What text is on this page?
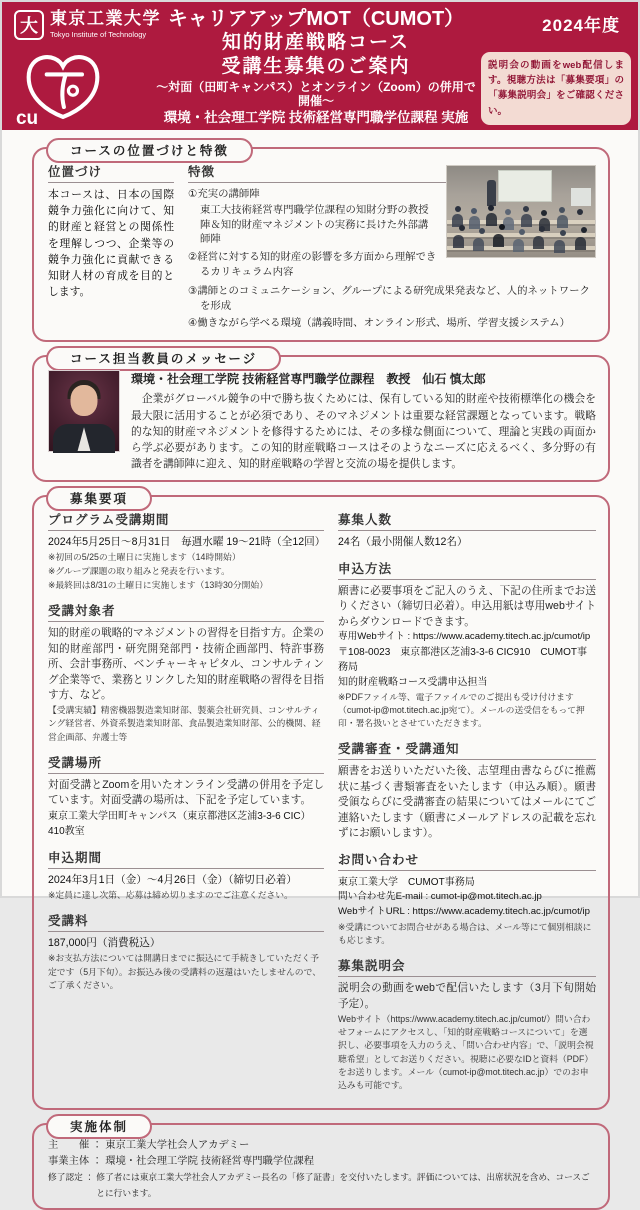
大 東京工業大学
Tokyo Institute of Technology
cu
キャリアアップMOT（CUMOT）
知的財産戦略コース
受講生募集のご案内
～対面（田町キャンパス）とオンライン（Zoom）の併用で開催～
環境・社会理工学院 技術経営専門職学位課程 実施
2024年度
説明会の動画をweb配信します。視聴方法は「募集要項」の「募集説明会」をご確認ください。
コースの位置づけと特徴
位置づけ

本コースは、日本の国際競争力強化に向けて、知的財産と経営との関係性を理解しつつ、企業等の競争力強化に貢献できる知財人材の育成を目的とします。

特徴
①充実の講師陣
東工大技術経営専門職学位課程の知財分野の教授陣＆知的財産マネジメントの実務に長けた外部講師陣
②経営に対する知的財産の影響を多方面から理解できるカリキュラム内容
③講師とのコミュニケーション、グループによる研究成果発表など、人的ネットワークを形成
④働きながら学べる環境（講義時間、オンライン形式、場所、学習支援システム）
コース担当教員のメッセージ
環境・社会理工学院 技術経営専門職学位課程　教授　仙石 慎太郎

　企業がグローバル競争の中で勝ち抜くためには、保有している知的財産や技術標準化の機会を最大限に活用することが必須であり、そのマネジメントは重要な経営課題となっています。戦略的な知的財産マネジメントを修得するためには、その多様な側面について、理論と実践の両面から学ぶ必要があります。この知的財産戦略コースはそのようなニーズに応えるべく、多分野の有識者を講師陣に迎え、知的財産戦略の学習と交流の場を提供します。

募集要項
プログラム受講期間
2024年5月25日～8月31日　毎週水曜 19～21時（全12回）
※初回の5/25の土曜日に実施します（14時開始）
※グループ課題の取り組みと発表を行います。
※最終回は8/31の土曜日に実施します（13時30分開始）
受講対象者
知的財産の戦略的マネジメントの習得を目指す方。企業の知的財産部門・研究開発部門・技術企画部門、特許事務所、会計事務所、ベンチャーキャピタル、コンサルティング企業等で、業務とリンクした知的財産戦略の習得を目指す方、など。
【受講実績】精密機器製造業知財部、製薬会社研究員、コンサルティング経営者、外資系製造業知財部、食品製造業知財部、公的機関、経営企画部、弁護士等
受講場所
対面受講とZoomを用いたオンライン受講の併用を予定しています。対面受講の場所は、下記を予定しています。
東京工業大学田町キャンパス（東京都港区芝浦3-3-6 CIC）410教室
申込期間
2024年3月1日（金）～4月26日（金）（締切日必着）
※定員に達し次第、応募は締め切りますのでご注意ください。
受講料
187,000円（消費税込）
※お支払方法については開講日までに振込にて手続きしていただく予定です（5月下旬）。お振込み後の受講料の返還はいたしませんので、ご了承ください。
募集人数
24名（最小開催人数12名）
申込方法
願書に必要事項をご記入のうえ、下記の住所までお送りください（締切日必着）。申込用紙は専用webサイトからダウンロードできます。
専用Webサイト : https://www.academy.titech.ac.jp/cumot/ip
〒108-0023　東京都港区芝浦3-3-6 CIC910　CUMOT事務局
知的財産戦略コース受講申込担当
※PDFファイル等、電子ファイルでのご提出も受け付けます（cumot-ip@mot.titech.ac.jp宛て）。メールの送受信をもって押印・署名扱いとさせていただきます。
受講審査・受講通知
願書をお送りいただいた後、志望理由書ならびに推薦状に基づく書類審査をいたします（申込み順）。願書受領ならびに受講審査の結果についてはメールにてご連絡いたします（願書にメールアドレスの記載を忘れずにお願いします）。
お問い合わせ
東京工業大学　CUMOT事務局
問い合わせ先E-mail : cumot-ip@mot.titech.ac.jp
WebサイトURL : https://www.academy.titech.ac.jp/cumot/ip
※受講についてお問合せがある場合は、メール等にて個別相談にも応じます。
募集説明会
説明会の動画をwebで配信いたします（3月下旬開始予定）。
Webサイト（https://www.academy.titech.ac.jp/cumot/）問い合わせフォームにアクセスし、「知的財産戦略コースについて」を選択し、必要事項を入力のうえ、「問い合わせ内容」で、「説明会視聴希望」としてお送りください。視聴に必要なIDと資料（PDF）をお送りします。メール（cumot-ip@mot.titech.ac.jp）でのお申込みも可能です。
実施体制
主　　催 ： 東京工業大学社会人アカデミー
事業主体 ： 環境・社会理工学院 技術経営専門職学位課程
修了認定 ： 修了者には東京工業大学社会人アカデミー長名の「修了証書」を交付いたします。評価については、出席状況を含め、コースごとに行います。
